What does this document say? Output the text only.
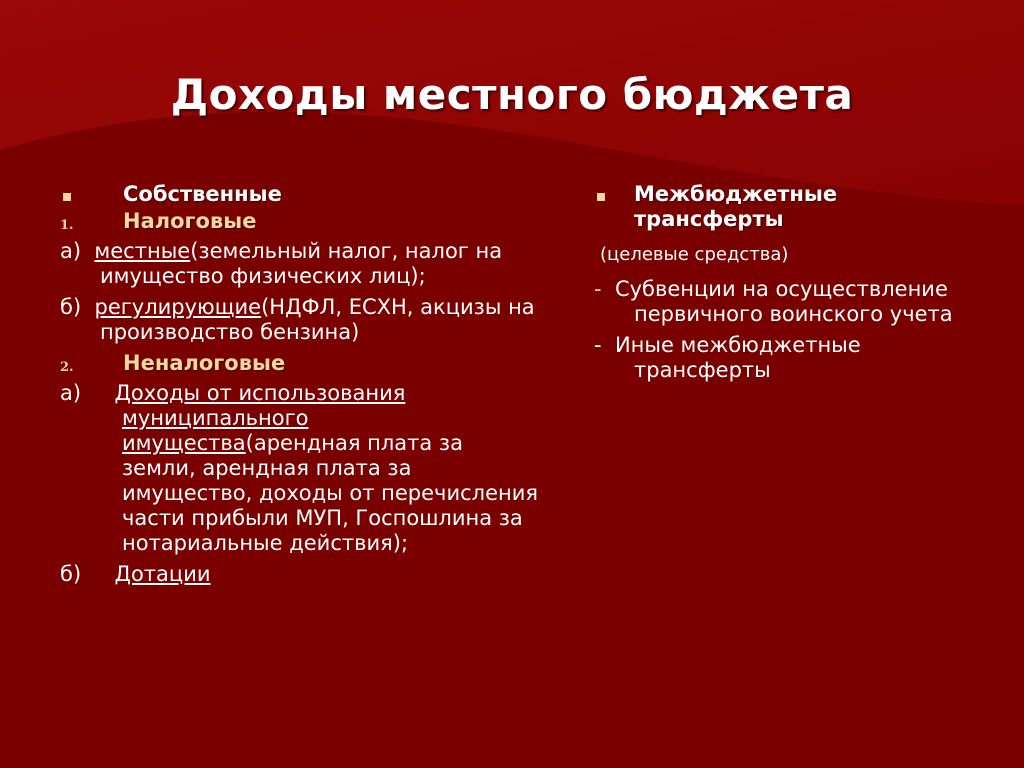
Доходы местного бюджета
Собственные
1. Налоговые
а) местные(земельный налог, налог на имущество физических лиц);
б) регулирующие(НДФЛ, ЕСХН, акцизы на производство бензина)
2. Неналоговые
а) Доходы от использования муниципального имущества(арендная плата за земли, арендная плата за имущество, доходы от перечисления части прибыли МУП, Госпошлина за нотариальные действия);
б) Дотации
Межбюджетные трансферты
(целевые средства)
- Субвенции на осуществление первичного воинского учета
- Иные межбюджетные трансферты
